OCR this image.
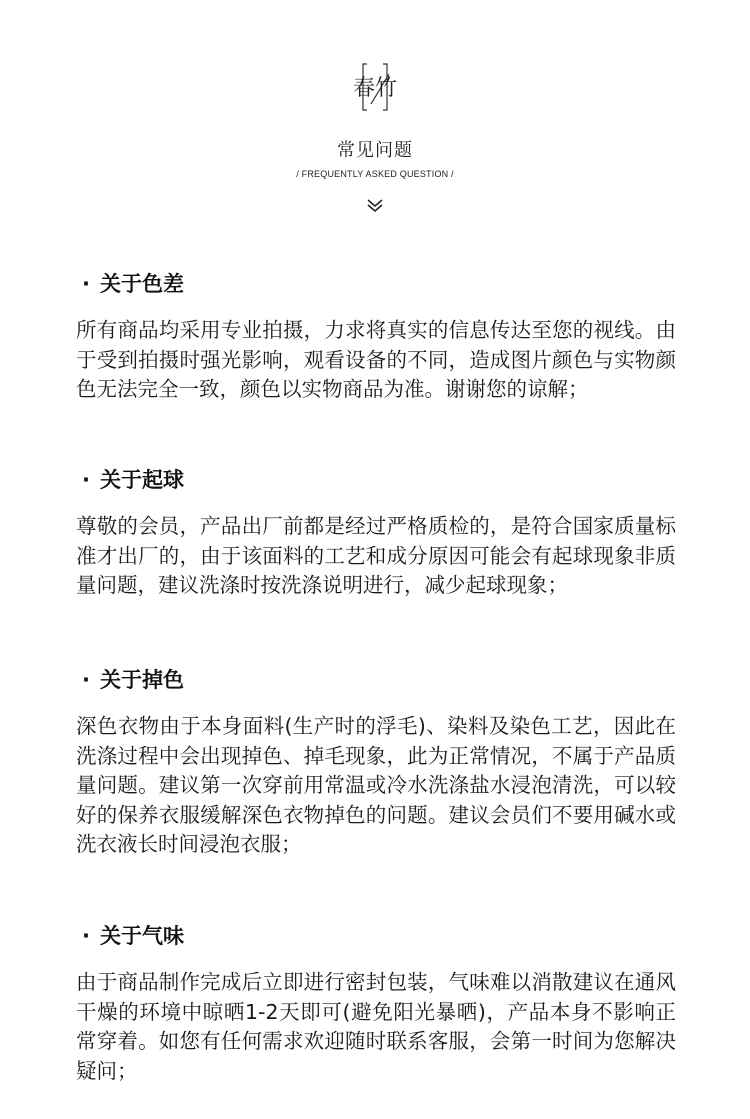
春竹
常见问题
/ FREQUENTLY ASKED QUESTION /
· 关于色差
所有商品均采用专业拍摄，力求将真实的信息传达至您的视线。由于受到拍摄时强光影响，观看设备的不同，造成图片颜色与实物颜色无法完全一致，颜色以实物商品为准。谢谢您的谅解；
· 关于起球
尊敬的会员，产品出厂前都是经过严格质检的，是符合国家质量标准才出厂的，由于该面料的工艺和成分原因可能会有起球现象非质量问题，建议洗涤时按洗涤说明进行，减少起球现象；
· 关于掉色
深色衣物由于本身面料(生产时的浮毛)、染料及染色工艺，因此在洗涤过程中会出现掉色、掉毛现象，此为正常情况，不属于产品质量问题。建议第一次穿前用常温或冷水洗涤盐水浸泡清洗，可以较好的保养衣服缓解深色衣物掉色的问题。建议会员们不要用碱水或洗衣液长时间浸泡衣服；
· 关于气味
由于商品制作完成后立即进行密封包装，气味难以消散建议在通风干燥的环境中晾晒1-2天即可(避免阳光暴晒)，产品本身不影响正常穿着。如您有任何需求欢迎随时联系客服，会第一时间为您解决疑问；
